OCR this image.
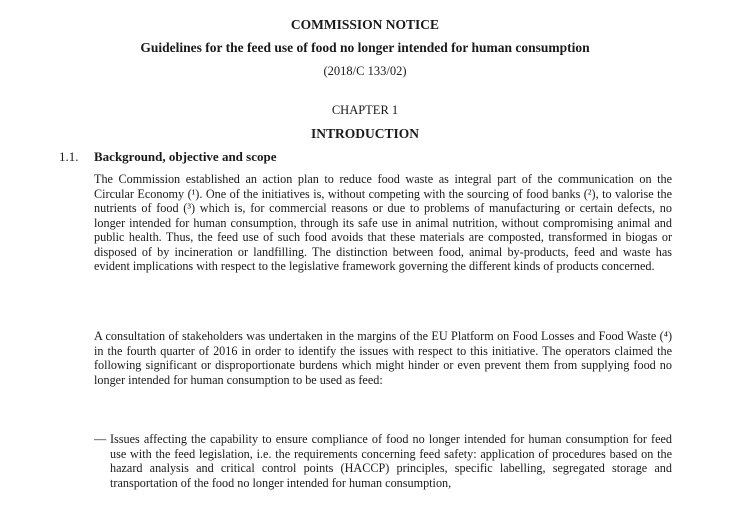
COMMISSION NOTICE
Guidelines for the feed use of food no longer intended for human consumption
(2018/C 133/02)
CHAPTER 1
INTRODUCTION
1.1. Background, objective and scope

The Commission established an action plan to reduce food waste as integral part of the communication on the Circular Economy (¹). One of the initiatives is, without competing with the sourcing of food banks (²), to valorise the nutrients of food (³) which is, for commercial reasons or due to problems of manufacturing or certain defects, no longer intended for human consumption, through its safe use in animal nutrition, without compromising animal and public health. Thus, the feed use of such food avoids that these materials are composted, transformed in biogas or disposed of by incineration or landfilling. The distinction between food, animal by-products, feed and waste has evident implications with respect to the legislative framework governing the different kinds of products concerned.

A consultation of stakeholders was undertaken in the margins of the EU Platform on Food Losses and Food Waste (⁴) in the fourth quarter of 2016 in order to identify the issues with respect to this initiative. The operators claimed the following significant or disproportionate burdens which might hinder or even prevent them from supplying food no longer intended for human consumption to be used as feed:

— Issues affecting the capability to ensure compliance of food no longer intended for human consumption for feed use with the feed legislation, i.e. the requirements concerning feed safety: application of procedures based on the hazard analysis and critical control points (HACCP) principles, specific labelling, segregated storage and transportation of the food no longer intended for human consumption,
